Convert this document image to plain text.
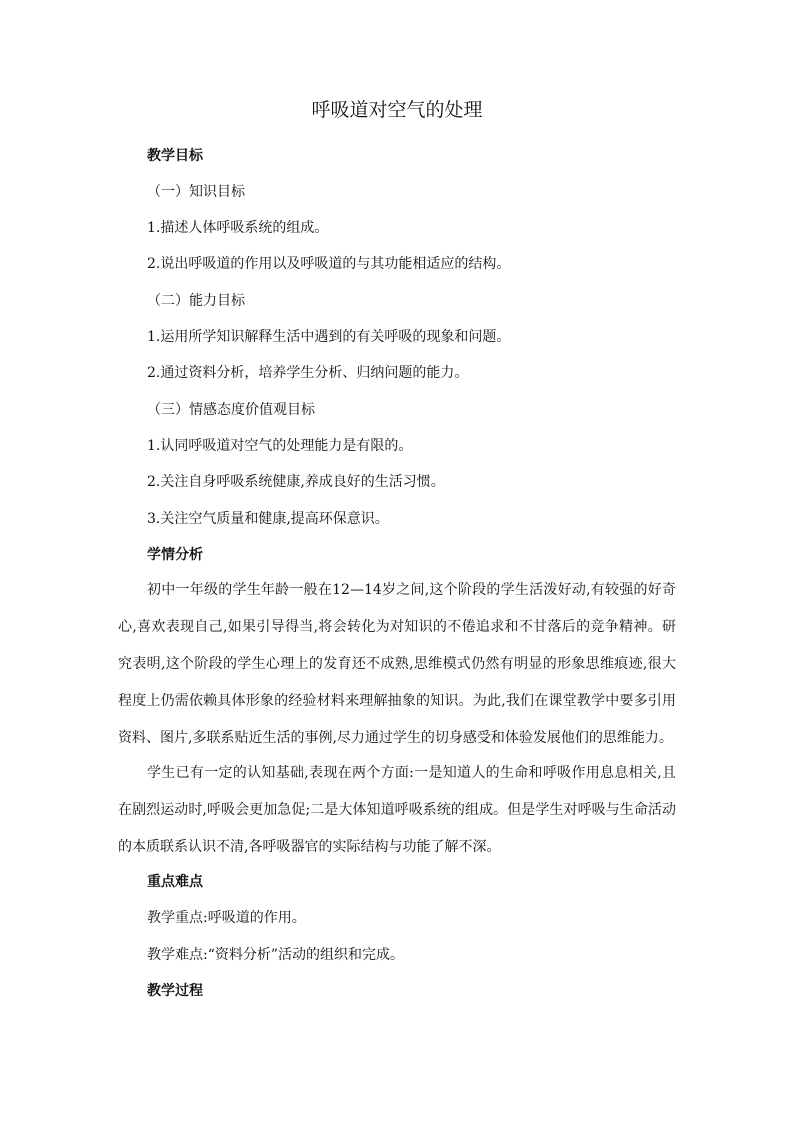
呼吸道对空气的处理
教学目标
（一）知识目标
1.描述人体呼吸系统的组成。
2.说出呼吸道的作用以及呼吸道的与其功能相适应的结构。
（二）能力目标
1.运用所学知识解释生活中遇到的有关呼吸的现象和问题。
2.通过资料分析，培养学生分析、归纳问题的能力。
（三）情感态度价值观目标
1.认同呼吸道对空气的处理能力是有限的。
2.关注自身呼吸系统健康,养成良好的生活习惯。
3.关注空气质量和健康,提高环保意识。
学情分析

初中一年级的学生年龄一般在12—14岁之间,这个阶段的学生活泼好动,有较强的好奇心,喜欢表现自己,如果引导得当,将会转化为对知识的不倦追求和不甘落后的竞争精神。研究表明,这个阶段的学生心理上的发育还不成熟,思维模式仍然有明显的形象思维痕迹,很大程度上仍需依赖具体形象的经验材料来理解抽象的知识。为此,我们在课堂教学中要多引用资料、图片,多联系贴近生活的事例,尽力通过学生的切身感受和体验发展他们的思维能力。

学生已有一定的认知基础,表现在两个方面:一是知道人的生命和呼吸作用息息相关,且在剧烈运动时,呼吸会更加急促;二是大体知道呼吸系统的组成。但是学生对呼吸与生命活动的本质联系认识不清,各呼吸器官的实际结构与功能了解不深。

重点难点
教学重点:呼吸道的作用。
教学难点:“资料分析”活动的组织和完成。
教学过程
